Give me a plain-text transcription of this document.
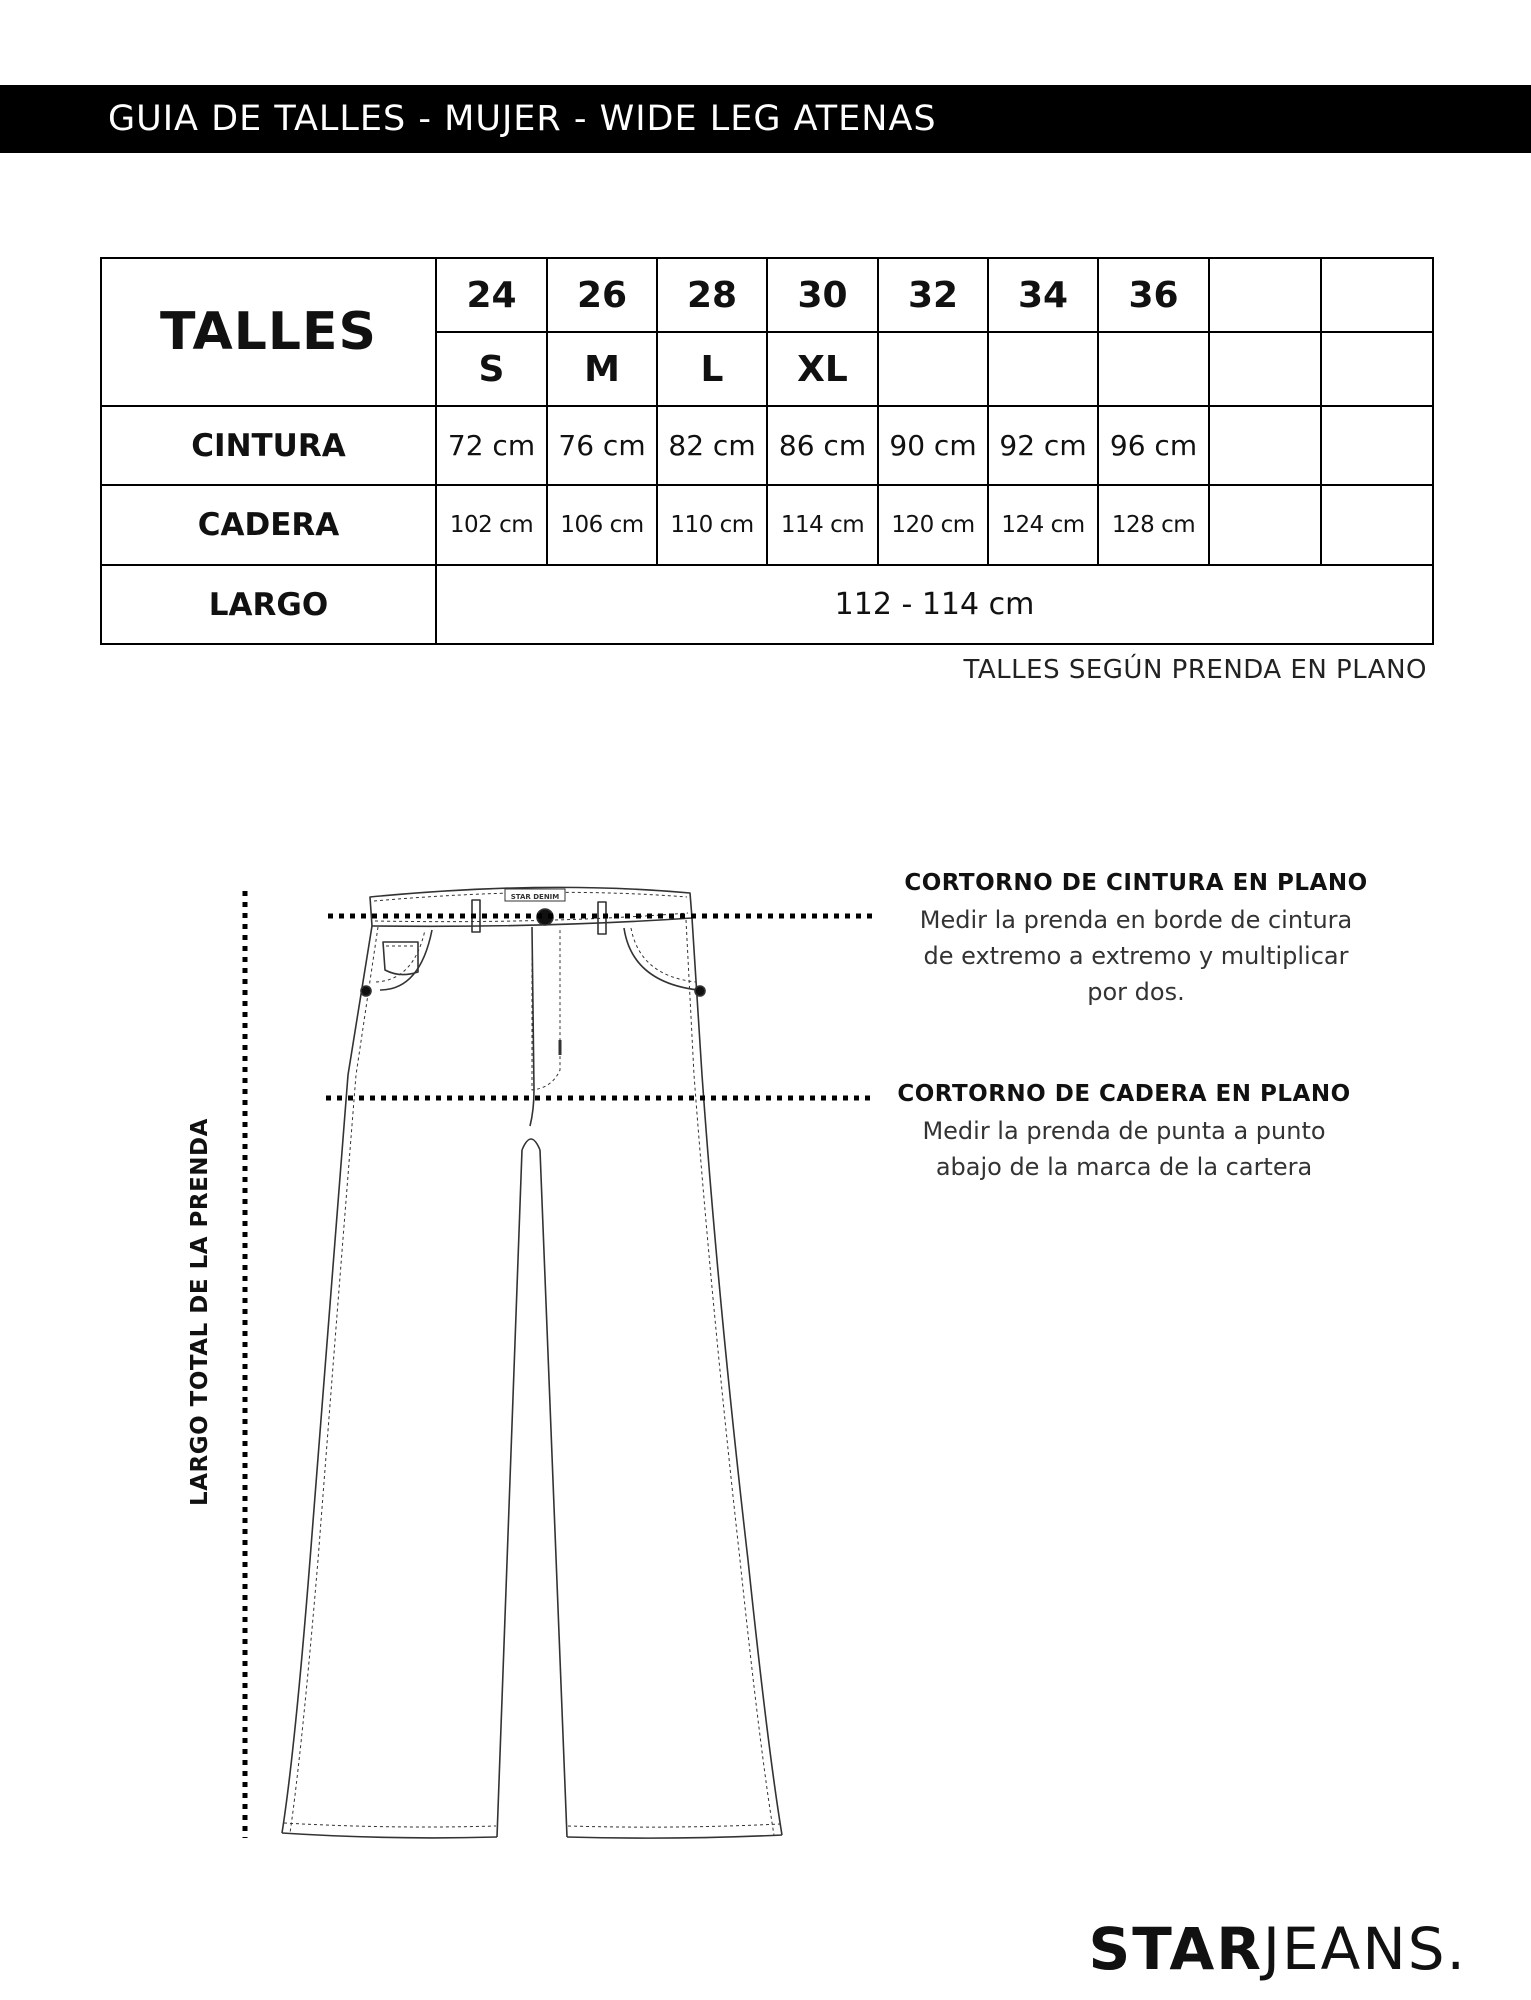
GUIA DE TALLES - MUJER - WIDE LEG ATENAS
TALLES	24	26	28	30	32	34	36		
	S	M	L	XL					
CINTURA	72 cm	76 cm	82 cm	86 cm	90 cm	92 cm	96 cm		
CADERA	102 cm	106 cm	110 cm	114 cm	120 cm	124 cm	128 cm		
LARGO	112 - 114 cm								
TALLES SEGÚN PRENDA EN PLANO
STAR DENIM
CORTORNO DE CINTURA EN PLANO
Medir la prenda en borde de cintura
de extremo a extremo y multiplicar
por dos.
CORTORNO DE CADERA EN PLANO
Medir la prenda de punta a punto
abajo de la marca de la cartera
LARGO TOTAL DE LA PRENDA
STARJEANS.
